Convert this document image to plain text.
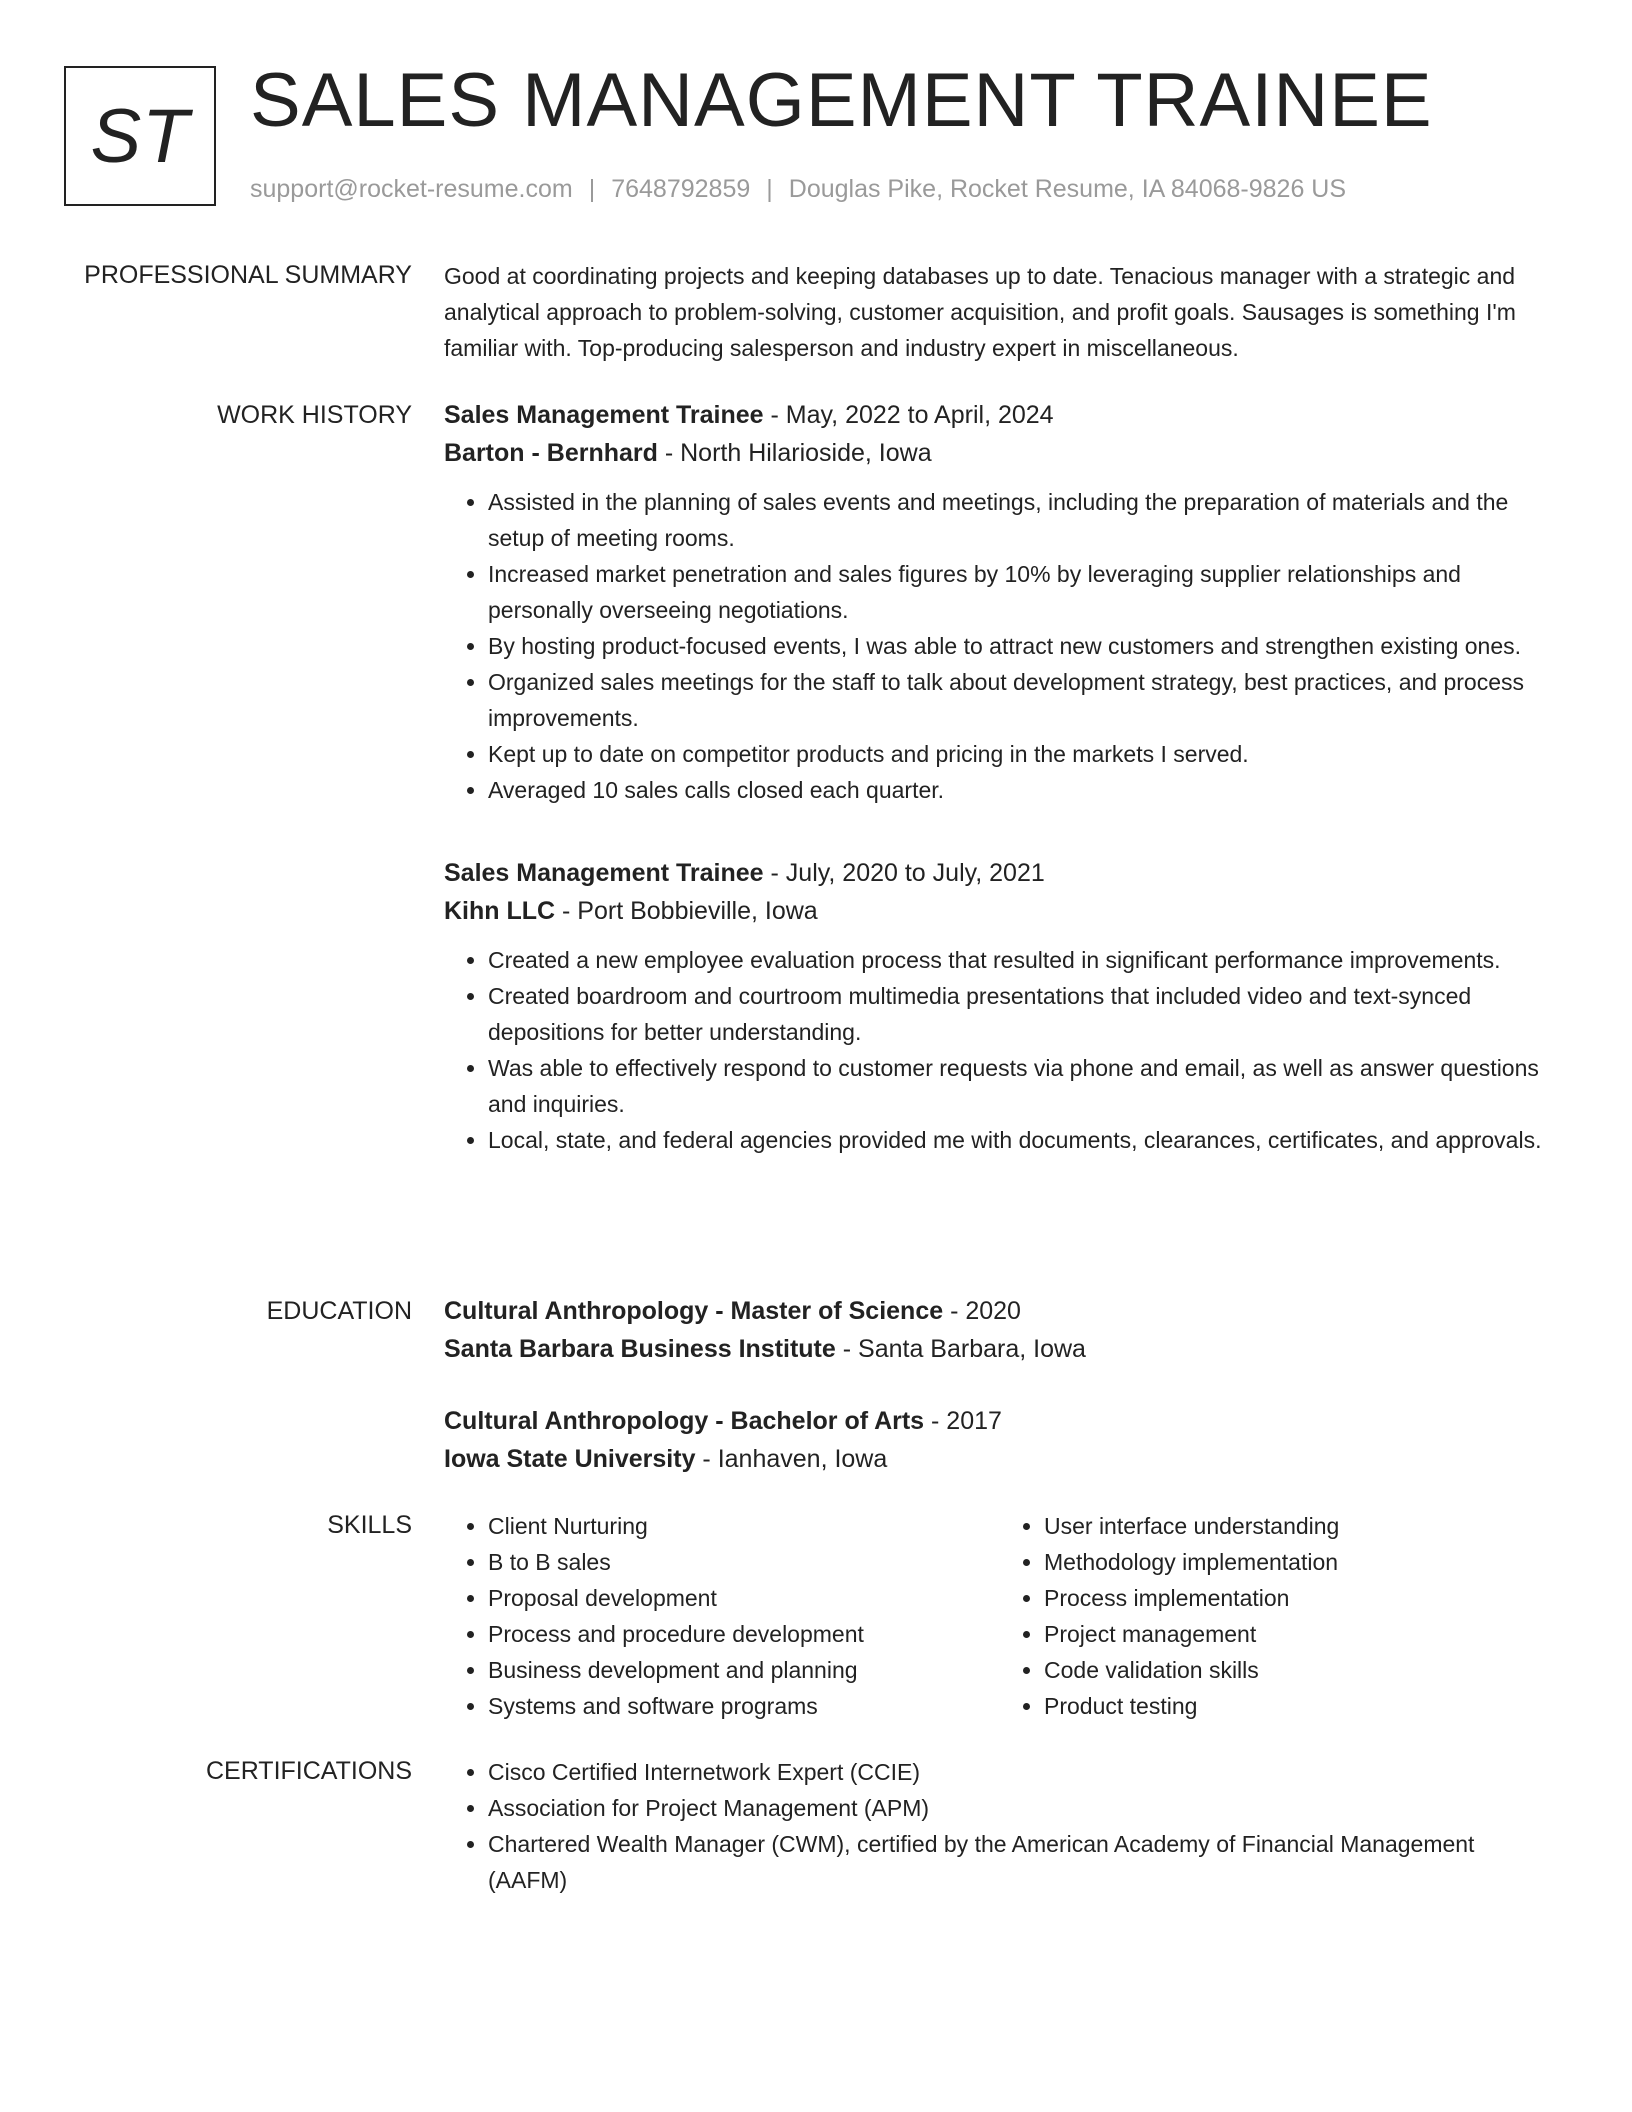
ST SALES MANAGEMENT TRAINEE
support@rocket-resume.com | 7648792859 | Douglas Pike, Rocket Resume, IA 84068-9826 US
PROFESSIONAL SUMMARY Good at coordinating projects and keeping databases up to date. Tenacious manager with a strategic and analytical approach to problem-solving, customer acquisition, and profit goals. Sausages is something I'm familiar with. Top-producing salesperson and industry expert in miscellaneous.

WORK HISTORY Sales Management Trainee - May, 2022 to April, 2024
Barton - Bernhard - North Hilarioside, Iowa
• Assisted in the planning of sales events and meetings, including the preparation of materials and the setup of meeting rooms.
• Increased market penetration and sales figures by 10% by leveraging supplier relationships and personally overseeing negotiations.
• By hosting product-focused events, I was able to attract new customers and strengthen existing ones.
• Organized sales meetings for the staff to talk about development strategy, best practices, and process improvements.
• Kept up to date on competitor products and pricing in the markets I served.
• Averaged 10 sales calls closed each quarter.
Sales Management Trainee - July, 2020 to July, 2021
Kihn LLC - Port Bobbieville, Iowa
• Created a new employee evaluation process that resulted in significant performance improvements.
• Created boardroom and courtroom multimedia presentations that included video and text-synced depositions for better understanding.
• Was able to effectively respond to customer requests via phone and email, as well as answer questions and inquiries.
• Local, state, and federal agencies provided me with documents, clearances, certificates, and approvals.
EDUCATION Cultural Anthropology - Master of Science - 2020
Santa Barbara Business Institute - Santa Barbara, Iowa
Cultural Anthropology - Bachelor of Arts - 2017
Iowa State University - Ianhaven, Iowa
SKILLS	• Client Nurturing
• B to B sales
• Proposal development
• Process and procedure development
• Business development and planning
• Systems and software programs
• User interface understanding
• Methodology implementation
• Process implementation
• Project management
• Code validation skills
• Product testing
CERTIFICATIONS	• Cisco Certified Internetwork Expert (CCIE)
• Association for Project Management (APM)
• Chartered Wealth Manager (CWM), certified by the American Academy of Financial Management (AAFM)
